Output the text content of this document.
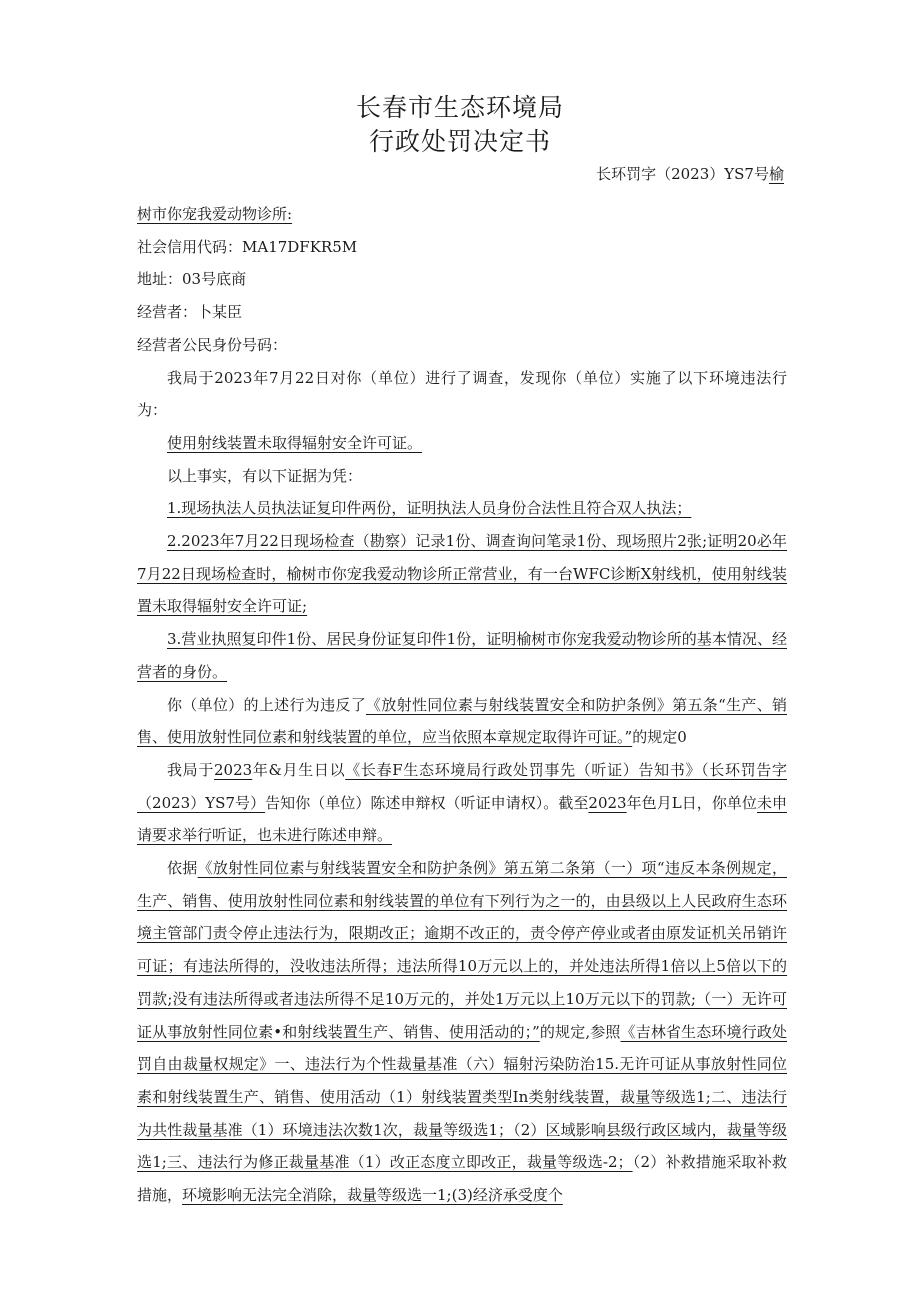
长春市生态环境局
行政处罚决定书
长环罚字（2023）YS7号榆

树市你宠我爱动物诊所:

社会信用代码：MA17DFKR5M

地址：03号底商

经营者：卜某臣

经营者公民身份号码：

我局于2023年7月22日对你（单位）进行了调查，发现你（单位）实施了以下环境违法行为：

使用射线装置未取得辐射安全许可证。

以上事实，有以下证据为凭：

1.现场执法人员执法证复印件两份，证明执法人员身份合法性且符合双人执法；

2.2023年7月22日现场检查（勘察）记录1份、调查询问笔录1份、现场照片2张;证明20必年7月22日现场检查时，榆树市你宠我爱动物诊所正常营业，有一台WFC诊断X射线机，使用射线装置未取得辐射安全许可证;

3.营业执照复印件1份、居民身份证复印件1份，证明榆树市你宠我爱动物诊所的基本情况、经营者的身份。

你（单位）的上述行为违反了《放射性同位素与射线装置安全和防护条例》第五条“生产、销售、使用放射性同位素和射线装置的单位，应当依照本章规定取得许可证。”的规定0

我局于2023年&月生日以《长春F生态环境局行政处罚事先（听证）告知书》（长环罚告字（2023）YS7号）告知你（单位）陈述申辩权（听证申请权）。截至2023年色月L日，你单位未申请要求举行听证，也未进行陈述申辩。

依据《放射性同位素与射线装置安全和防护条例》第五第二条第（一）项“违反本条例规定，生产、销售、使用放射性同位素和射线装置的单位有下列行为之一的，由县级以上人民政府生态环境主管部门责令停止违法行为，限期改正；逾期不改正的，责令停产停业或者由原发证机关吊销许可证；有违法所得的，没收违法所得；违法所得10万元以上的，并处违法所得1倍以上5倍以下的罚款;没有违法所得或者违法所得不足10万元的，并处1万元以上10万元以下的罚款;（一）无许可证从事放射性同位素•和射线装置生产、销售、使用活动的；”的规定,参照《吉林省生态环境行政处罚自由裁量权规定》一、违法行为个性裁量基准（六）辐射污染防治15.无许可证从事放射性同位素和射线装置生产、销售、使用活动（1）射线装置类型In类射线装置，裁量等级选1;二、违法行为共性裁量基准（1）环境违法次数1次，裁量等级选1；（2）区域影响县级行政区域内，裁量等级选1;三、违法行为修正裁量基准（1）改正态度立即改正，裁量等级选-2；（2）补救措施采取补救措施，环境影响无法完全消除，裁量等级选一1;(3)经济承受度个
